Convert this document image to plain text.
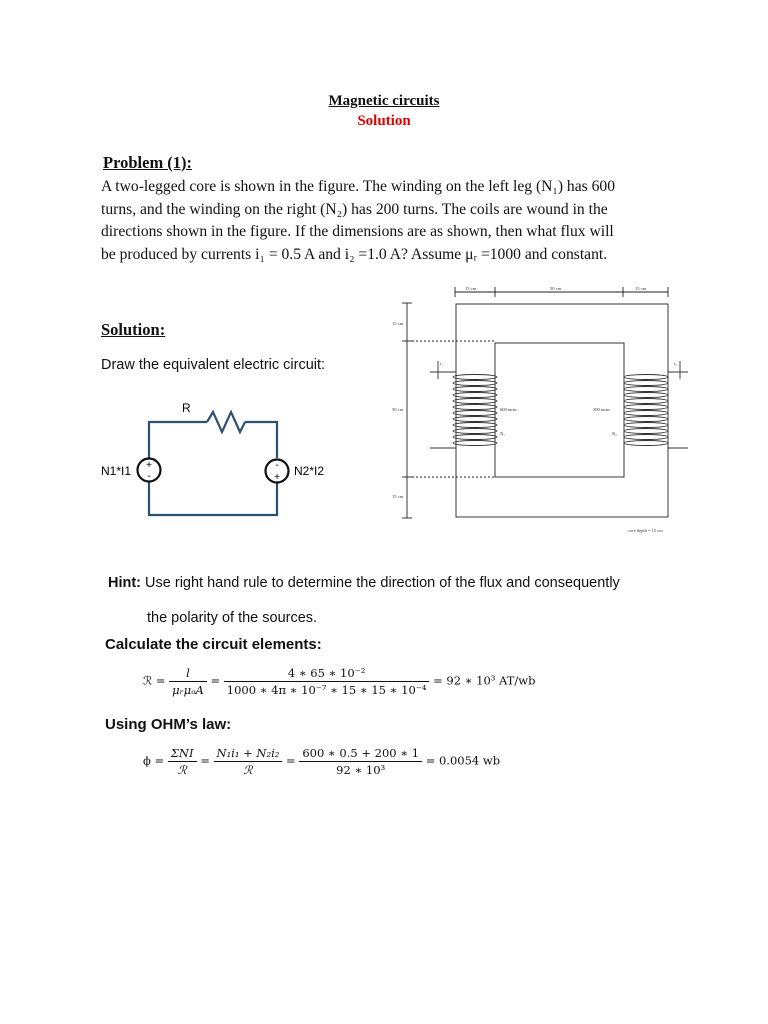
Magnetic circuits
Solution

Problem (1):

A two-legged core is shown in the figure. The winding on the left leg (N₁) has 600
turns, and the winding on the right (N₂) has 200 turns. The coils are wound in the
directions shown in the figure. If the dimensions are as shown, then what flux will
be produced by currents i₁ = 0.5 A and i₂ =1.0 A? Assume μᵣ =1000 and constant.

Solution:

Draw the equivalent electric circuit:

+
-
-
+
R
N1*I1	N2*I2
15 cm	50 cm	15 cm
15 cm
50 cm
15 cm
600 turns	200 turns
N₁	N₂
i₁	i₂
core depth = 15 cm
Hint: Use right hand rule to determine the direction of the flux and consequently
the polarity of the sources.

Calculate the circuit elements:

ℛ = $\frac{l}{\text{μᵣμₒA}} = \frac{\text{4 ∗ 65 ∗ 10⁻²}}{\text{1000 ∗ 4π ∗ 10⁻⁷ ∗ 15 ∗ 15 ∗ 10⁻⁴}} = 92$ ∗ 10³ AT/wb

Using OHM’s law:

$\phi = \frac{\text{ΣNI}}{\text{ℛ}} = \frac{\text{N₁i₁ + N₂i₂}}{\text{ℛ}} = \frac{600 ∗ 0.5 + 200 ∗ 1}{\text{92 ∗ 10³}} = 0.0054$ wb
